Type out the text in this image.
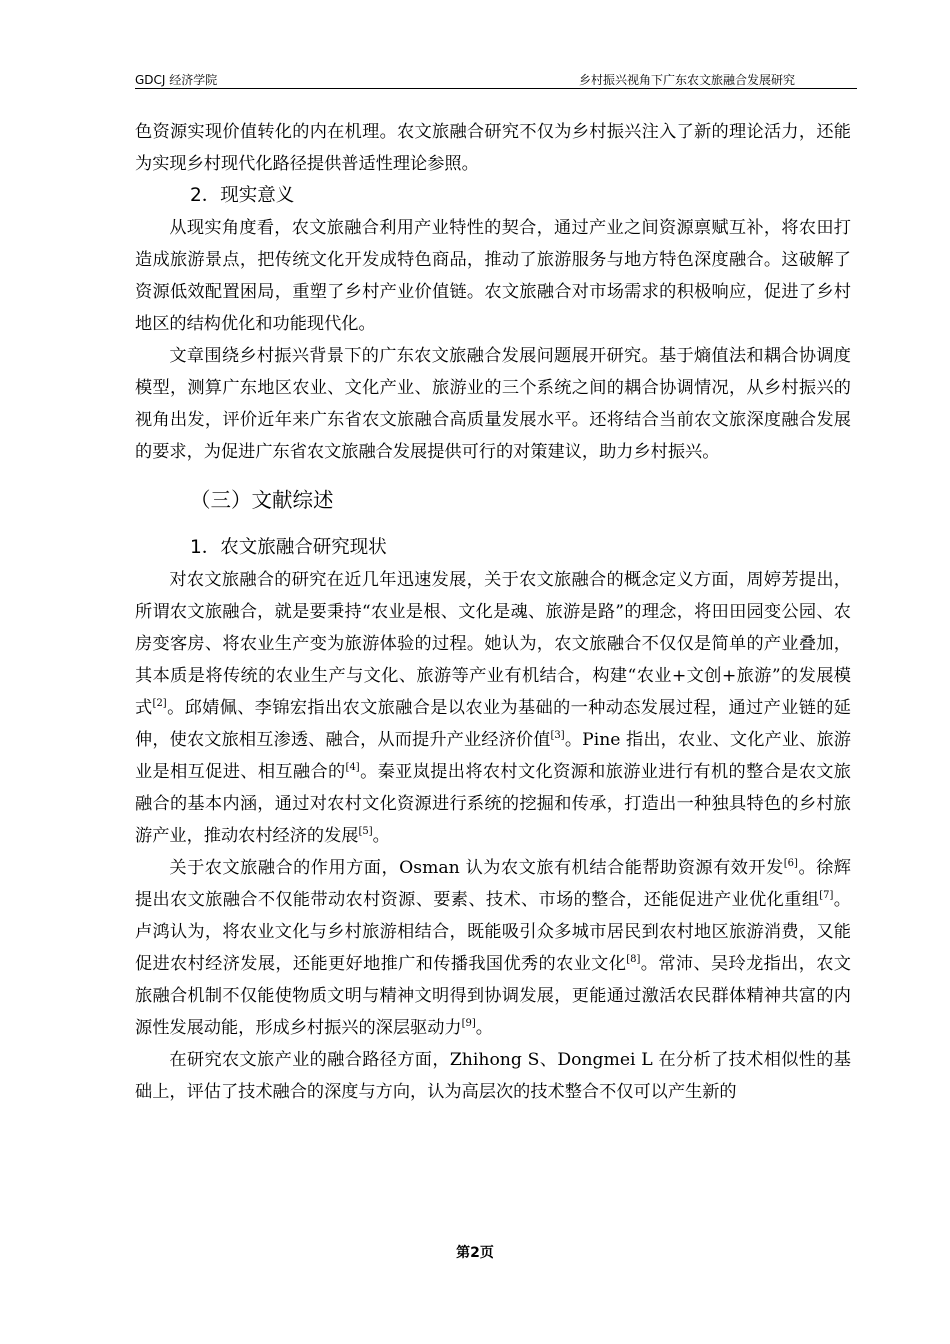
GDCJ 经济学院	乡村振兴视角下广东农文旅融合发展研究

色资源实现价值转化的内在机理。农文旅融合研究不仅为乡村振兴注入了新的理论活力，还能为实现乡村现代化路径提供普适性理论参照。

2．现实意义

从现实角度看，农文旅融合利用产业特性的契合，通过产业之间资源禀赋互补，将农田打造成旅游景点，把传统文化开发成特色商品，推动了旅游服务与地方特色深度融合。这破解了资源低效配置困局，重塑了乡村产业价值链。农文旅融合对市场需求的积极响应，促进了乡村地区的结构优化和功能现代化。

文章围绕乡村振兴背景下的广东农文旅融合发展问题展开研究。基于熵值法和耦合协调度模型，测算广东地区农业、文化产业、旅游业的三个系统之间的耦合协调情况，从乡村振兴的视角出发，评价近年来广东省农文旅融合高质量发展水平。还将结合当前农文旅深度融合发展的要求，为促进广东省农文旅融合发展提供可行的对策建议，助力乡村振兴。

（三）文献综述

1．农文旅融合研究现状

对农文旅融合的研究在近几年迅速发展，关于农文旅融合的概念定义方面，周婷芳提出，所谓农文旅融合，就是要秉持“农业是根、文化是魂、旅游是路”的理念，将田田园变公园、农房变客房、将农业生产变为旅游体验的过程。她认为，农文旅融合不仅仅是简单的产业叠加，其本质是将传统的农业生产与文化、旅游等产业有机结合，构建“农业+文创+旅游”的发展模式[2]。邱婧佩、李锦宏指出农文旅融合是以农业为基础的一种动态发展过程，通过产业链的延伸，使农文旅相互渗透、融合，从而提升产业经济价值[3]。Pine 指出，农业、文化产业、旅游业是相互促进、相互融合的[4]。秦亚岚提出将农村文化资源和旅游业进行有机的整合是农文旅融合的基本内涵，通过对农村文化资源进行系统的挖掘和传承，打造出一种独具特色的乡村旅游产业，推动农村经济的发展[5]。

关于农文旅融合的作用方面，Osman 认为农文旅有机结合能帮助资源有效开发[6]。徐辉提出农文旅融合不仅能带动农村资源、要素、技术、市场的整合，还能促进产业优化重组[7]。卢鸿认为，将农业文化与乡村旅游相结合，既能吸引众多城市居民到农村地区旅游消费，又能促进农村经济发展，还能更好地推广和传播我国优秀的农业文化[8]。常沛、吴玲龙指出，农文旅融合机制不仅能使物质文明与精神文明得到协调发展，更能通过激活农民群体精神共富的内源性发展动能，形成乡村振兴的深层驱动力[9]。

在研究农文旅产业的融合路径方面，Zhihong S、Dongmei L 在分析了技术相似性的基础上，评估了技术融合的深度与方向，认为高层次的技术整合不仅可以产生新的

第2页
